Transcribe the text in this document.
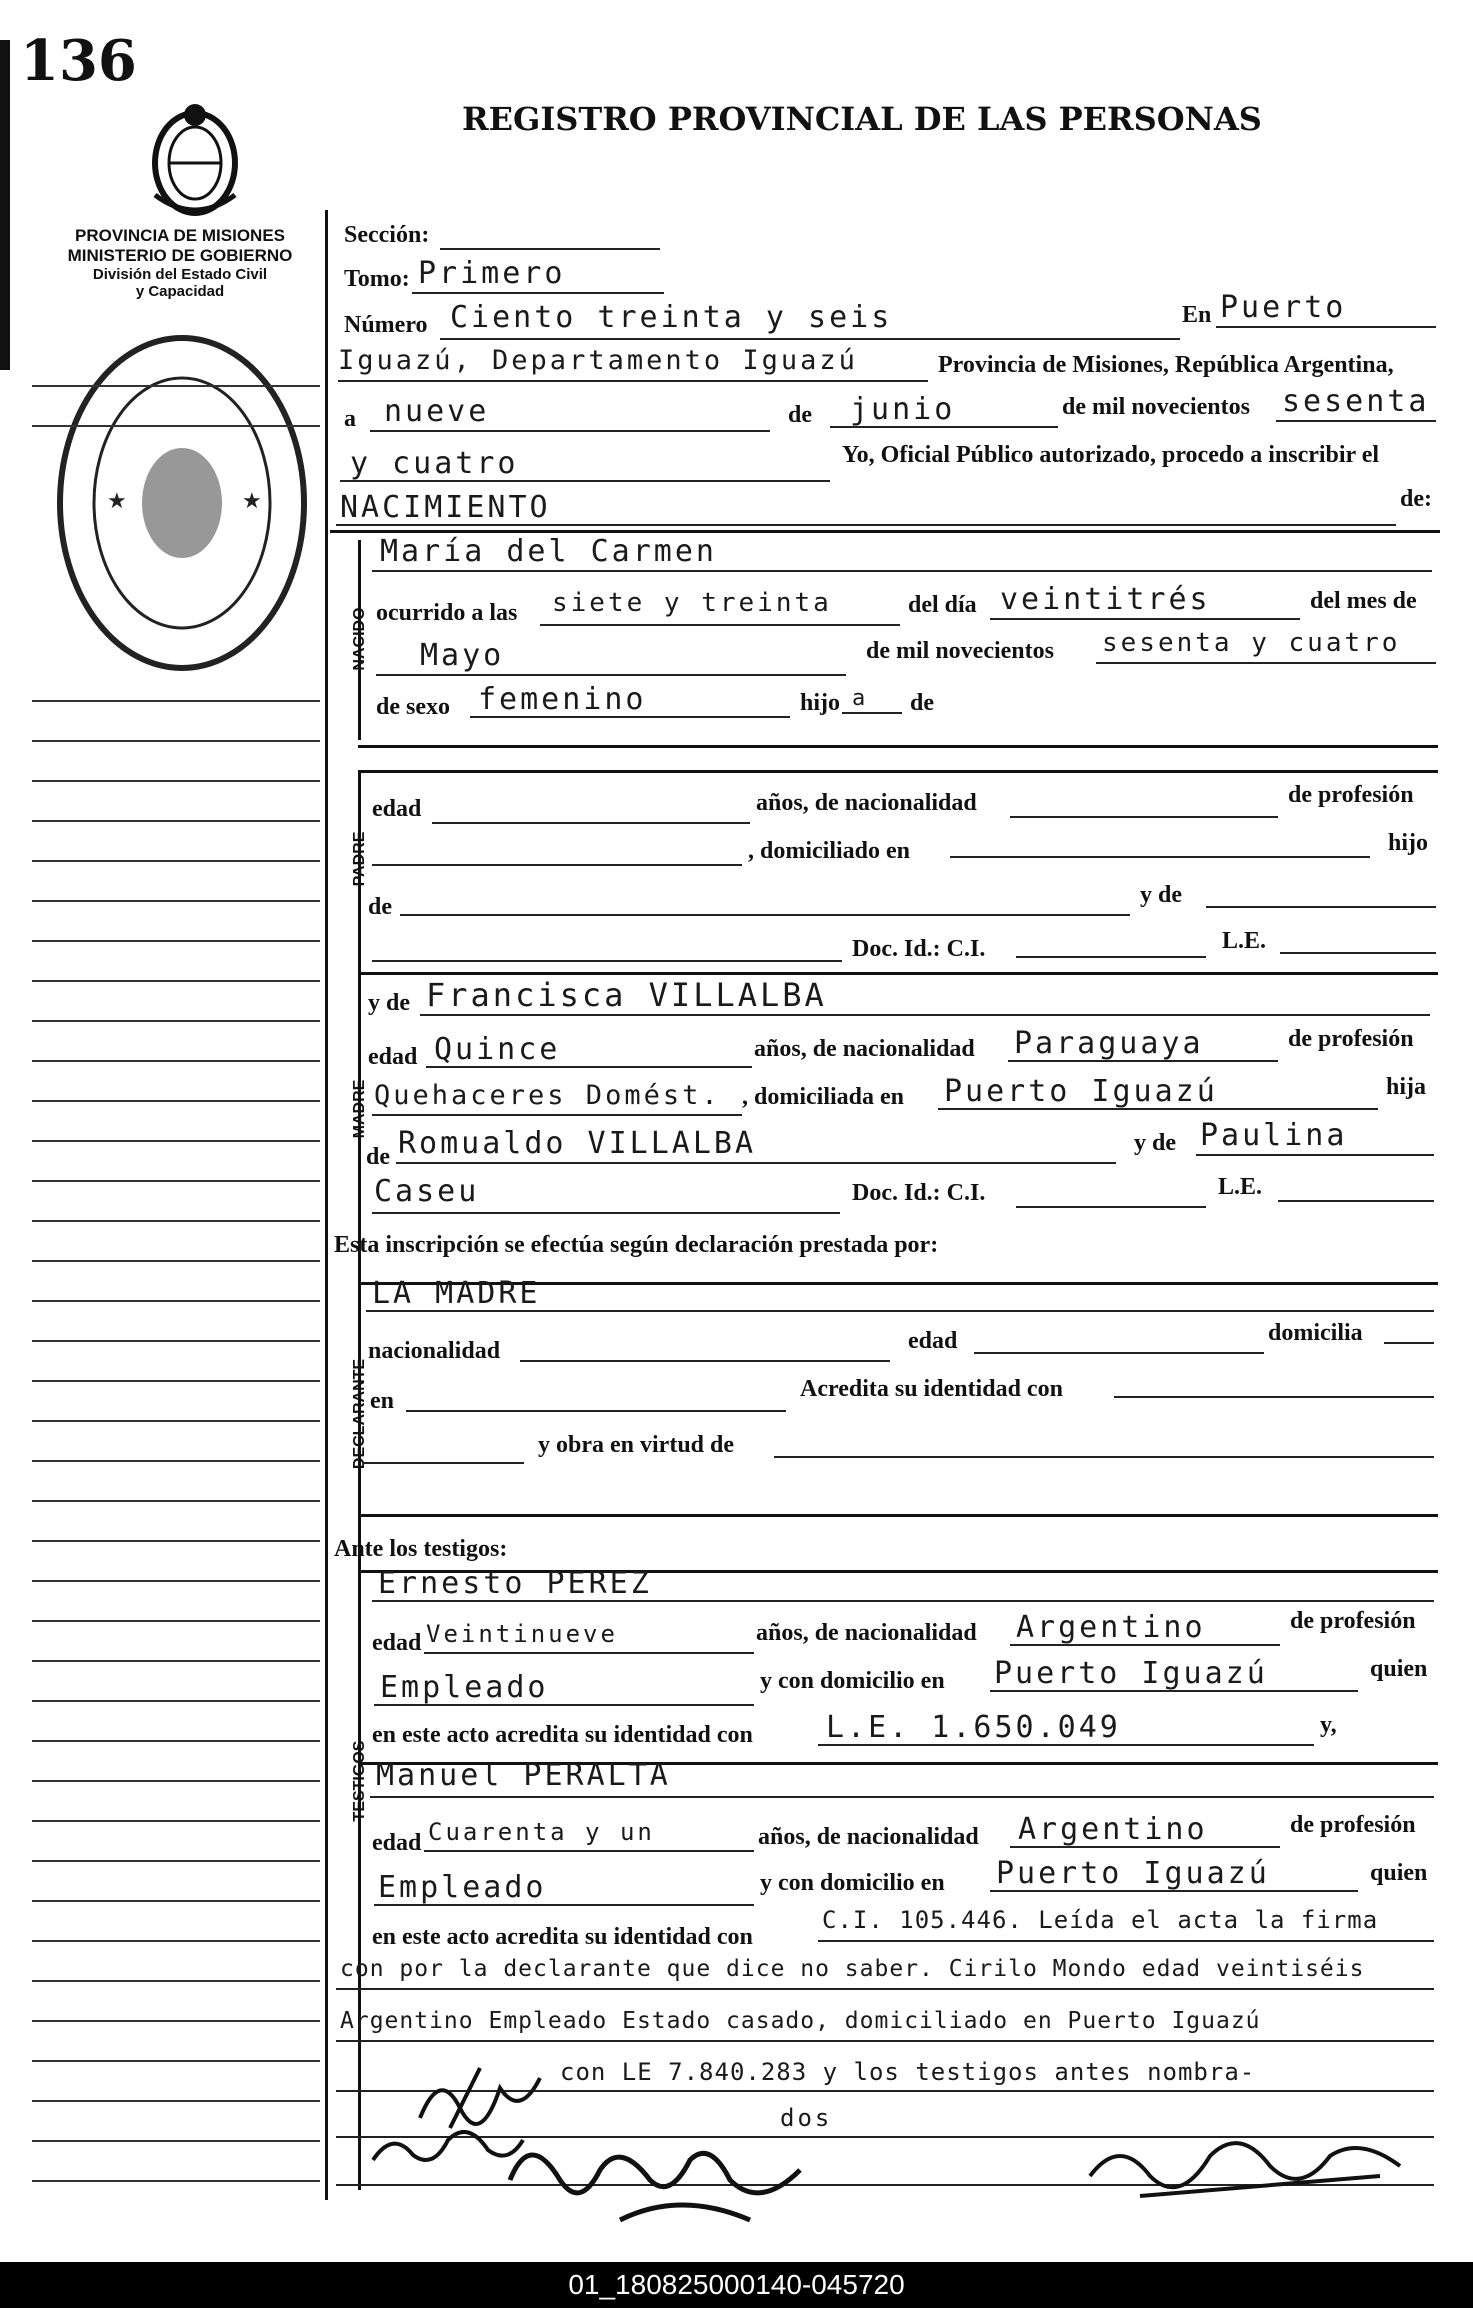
136
PROVINCIA DE MISIONES
MINISTERIO DE GOBIERNO
División del Estado Civil
y Capacidad
★	★
REGISTRO PROVINCIAL DE LAS PERSONAS
Sección:
Tomo: Primero
Número Ciento treinta y seis	En Puerto
Iguazú, Departamento Iguazú	Provincia de Misiones, República Argentina,
a nueve	de junio	de mil novecientos sesenta
y cuatro	Yo, Oficial Público autorizado, procedo a inscribir el
NACIMIENTO	de:
NACIDO
María del Carmen
ocurrido a las siete y treinta	del día veintitrés	del mes de
Mayo	de mil novecientos sesenta y cuatro
de sexo femenino	hijo a de
PADRE
edad	años, de nacionalidad	de profesión
, domiciliado en	hijo
de	y de
Doc. Id.: C.I.	L.E.
MADRE
y de Francisca VILLALBA
edad Quince	años, de nacionalidad Paraguaya	de profesión
Quehaceres Domést. , domiciliada en Puerto Iguazú	hija
de Romualdo VILLALBA	y de Paulina
Caseu	Doc. Id.: C.I.	L.E.
Esta inscripción se efectúa según declaración prestada por:
DECLARANTE
LA MADRE
nacionalidad	edad	domicilia
en	Acredita su identidad con
y obra en virtud de
Ante los testigos:
TESTIGOS
Ernesto PEREZ
edad Veintinueve	años, de nacionalidad Argentino	de profesión
Empleado	y con domicilio en Puerto Iguazú	quien
en este acto acredita su identidad con L.E. 1.650.049	y,
Manuel PERALTA
edad Cuarenta y un	años, de nacionalidad Argentino	de profesión
Empleado	y con domicilio en Puerto Iguazú	quien
en este acto acredita su identidad con
C.I. 105.446. Leída el acta la firma
con por la declarante que dice no saber. Cirilo Mondo edad veintiséis
Argentino Empleado Estado casado, domiciliado en Puerto Iguazú
con LE 7.840.283 y los testigos antes nombra-
dos
01_180825000140-045720
